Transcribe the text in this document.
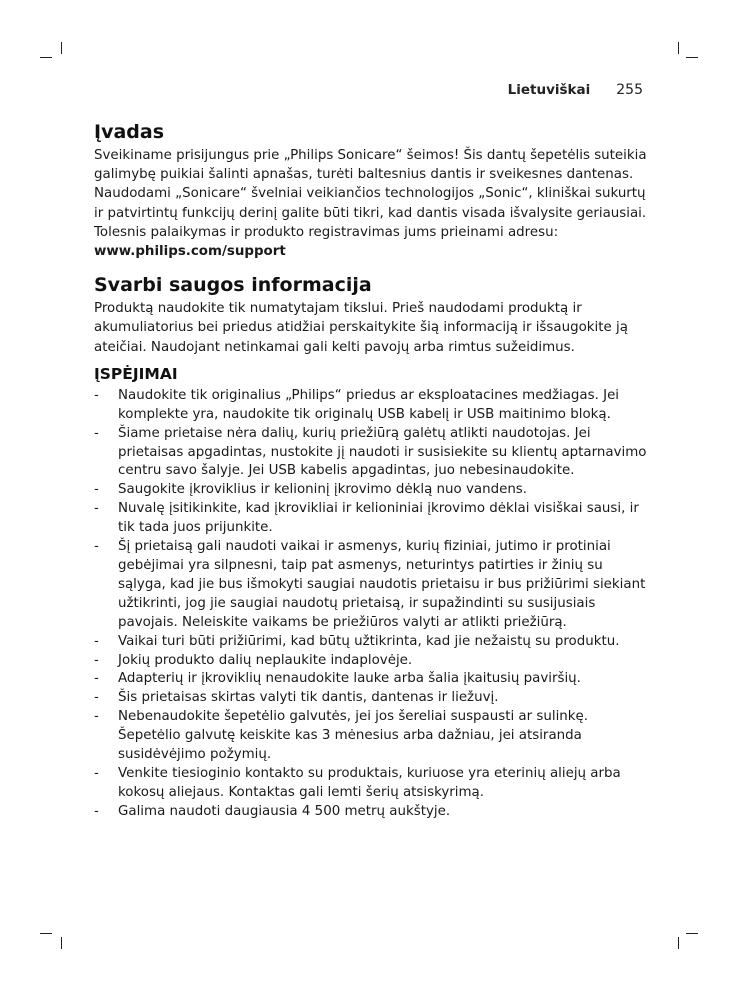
Lietuviškai 255
Įvadas

Sveikiname prisijungus prie „Philips Sonicare“ šeimos! Šis dantų šepetėlis suteikia galimybę puikiai šalinti apnašas, turėti baltesnius dantis ir sveikesnes dantenas. Naudodami „Sonicare“ švelniai veikiančios technologijos „Sonic“, kliniškai sukurtų ir patvirtintų funkcijų derinį galite būti tikri, kad dantis visada išvalysite geriausiai.

Tolesnis palaikymas ir produkto registravimas jums prieinami adresu:

www.philips.com/support

Svarbi saugos informacija

Produktą naudokite tik numatytajam tikslui. Prieš naudodami produktą ir akumuliatorius bei priedus atidžiai perskaitykite šią informaciją ir išsaugokite ją ateičiai. Naudojant netinkamai gali kelti pavojų arba rimtus sužeidimus.

ĮSPĖJIMAI
- Naudokite tik originalius „Philips“ priedus ar eksploatacines medžiagas. Jei komplekte yra, naudokite tik originalų USB kabelį ir USB maitinimo bloką.
- Šiame prietaise nėra dalių, kurių priežiūrą galėtų atlikti naudotojas. Jei prietaisas apgadintas, nustokite jį naudoti ir susisiekite su klientų aptarnavimo centru savo šalyje. Jei USB kabelis apgadintas, juo nebesinaudokite.
- Saugokite įkroviklius ir kelioninį įkrovimo dėklą nuo vandens.
- Nuvalę įsitikinkite, kad įkrovikliai ir kelioniniai įkrovimo dėklai visiškai sausi, ir tik tada juos prijunkite.
- Šį prietaisą gali naudoti vaikai ir asmenys, kurių fiziniai, jutimo ir protiniai gebėjimai yra silpnesni, taip pat asmenys, neturintys patirties ir žinių su sąlyga, kad jie bus išmokyti saugiai naudotis prietaisu ir bus prižiūrimi siekiant užtikrinti, jog jie saugiai naudotų prietaisą, ir supažindinti su susijusiais pavojais. Neleiskite vaikams be priežiūros valyti ar atlikti priežiūrą.
- Vaikai turi būti prižiūrimi, kad būtų užtikrinta, kad jie nežaistų su produktu.
- Jokių produkto dalių neplaukite indaplovėje.
- Adapterių ir įkroviklių nenaudokite lauke arba šalia įkaitusių paviršių.
- Šis prietaisas skirtas valyti tik dantis, dantenas ir liežuvį.
- Nebenaudokite šepetėlio galvutės, jei jos šereliai suspausti ar sulinkę. Šepetėlio galvutę keiskite kas 3 mėnesius arba dažniau, jei atsiranda susidėvėjimo požymių.
- Venkite tiesioginio kontakto su produktais, kuriuose yra eterinių aliejų arba kokosų aliejaus. Kontaktas gali lemti šerių atsiskyrimą.
- Galima naudoti daugiausia 4 500 metrų aukštyje.
